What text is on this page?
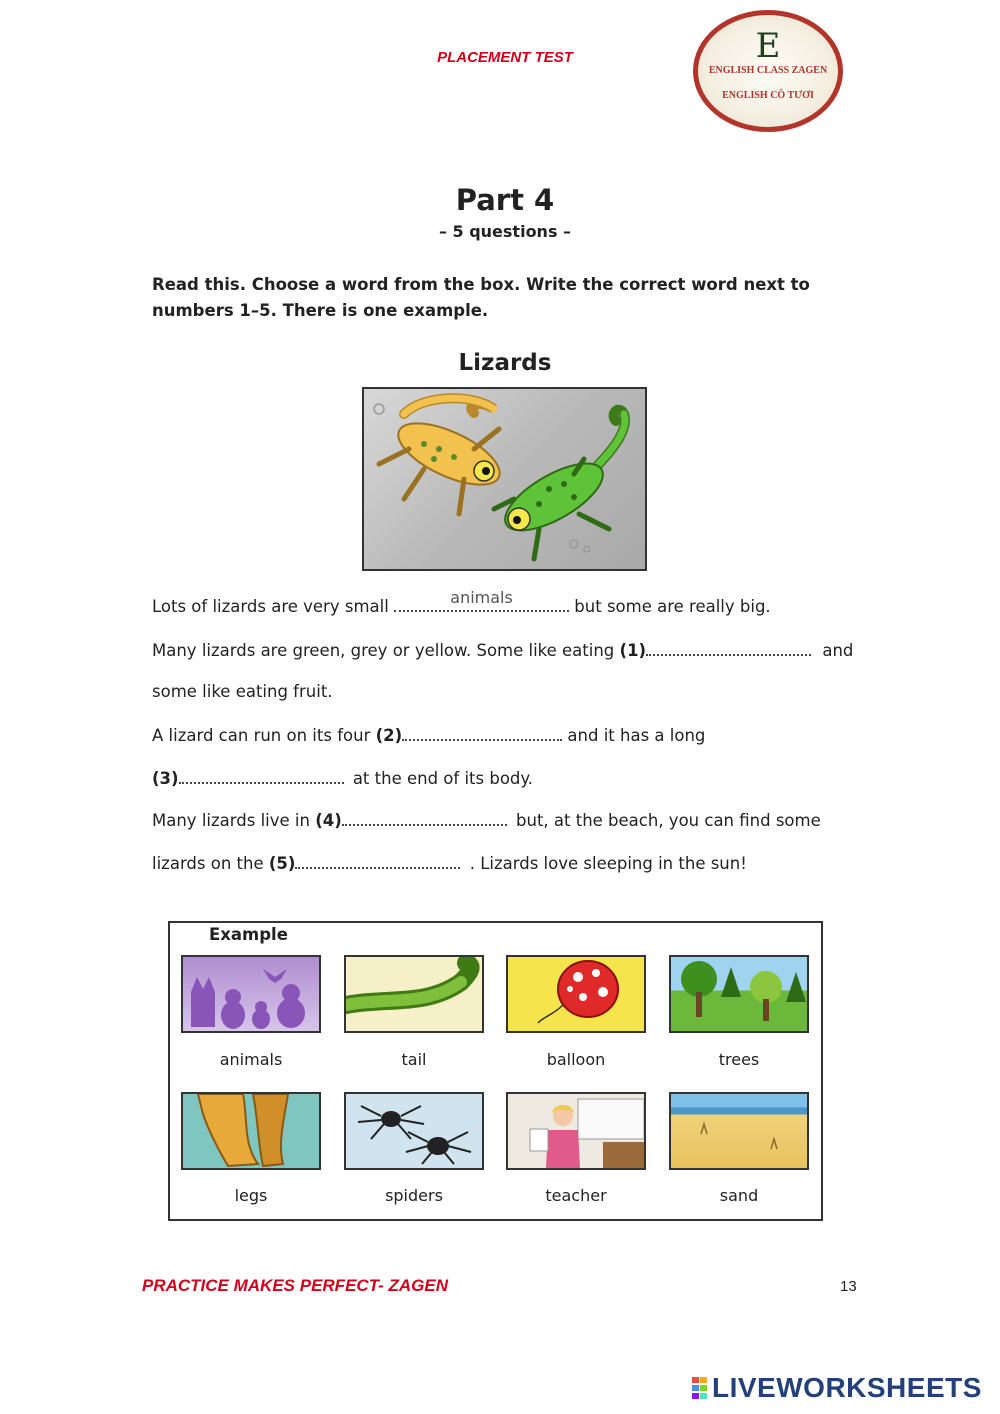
PLACEMENT TEST	E
ENGLISH CLASS ZAGEN
ENGLISH CÔ TƯƠI
Part 4
– 5 questions –
Read this. Choose a word from the box. Write the correct word next to numbers 1–5. There is one example.
Lizards
Lots of lizards are very small	animals	but some are really big.
Many lizards are green, grey or yellow. Some like eating (1)	and
some like eating fruit.
A lizard can run on its four (2)	and it has a long
(3)	at the end of its body.
Many lizards live in (4)	but, at the beach, you can find some
lizards on the (5)	. Lizards love sleeping in the sun!
Example
animals	tail	balloon	trees
legs	spiders	teacher	sand
PRACTICE MAKES PERFECT- ZAGEN	13
LIVEWORKSHEETS
